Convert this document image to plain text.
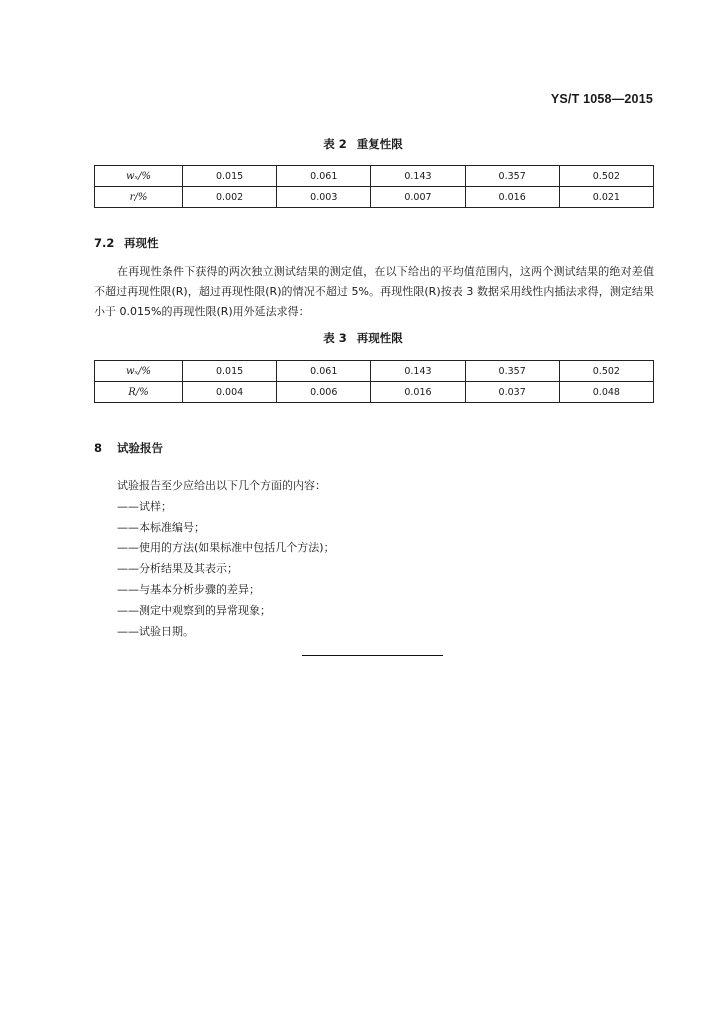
YS/T 1058—2015
表 2 重复性限
wₓ/%	0.015	0.061	0.143	0.357	0.502
r/%	0.002	0.003	0.007	0.016	0.021
7.2 再现性
在再现性条件下获得的两次独立测试结果的测定值，在以下给出的平均值范围内，这两个测试结果的绝对差值不超过再现性限(R)，超过再现性限(R)的情况不超过 5%。再现性限(R)按表 3 数据采用线性内插法求得，测定结果小于 0.015%的再现性限(R)用外延法求得：
表 3 再现性限
wₓ/%	0.015	0.061	0.143	0.357	0.502
R/%	0.004	0.006	0.016	0.037	0.048
8 试验报告
试验报告至少应给出以下几个方面的内容：
——试样；
——本标准编号；
——使用的方法(如果标准中包括几个方法)；
——分析结果及其表示；
——与基本分析步骤的差异；
——测定中观察到的异常现象；
——试验日期。
